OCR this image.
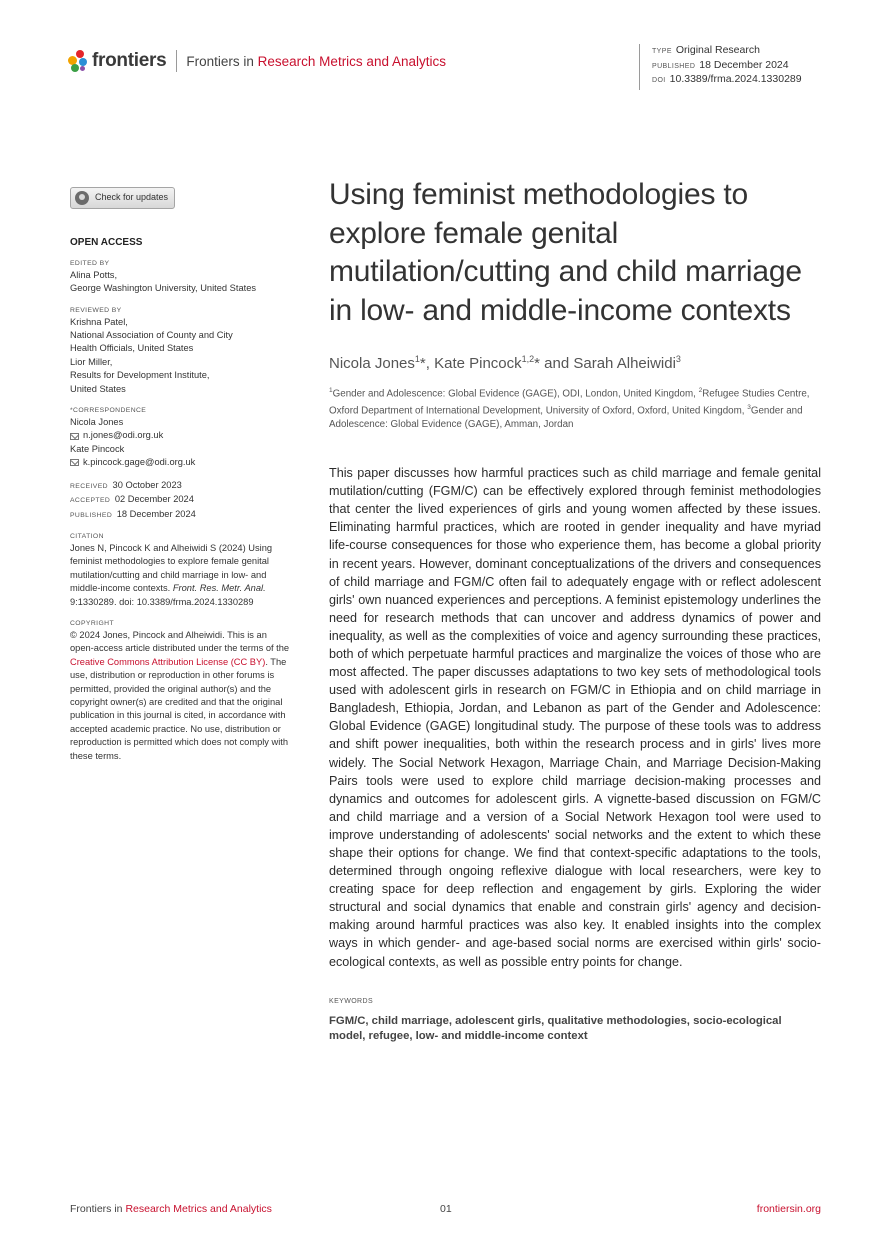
frontiers Frontiers in Research Metrics and Analytics
TYPE Original Research
PUBLISHED 18 December 2024
DOI 10.3389/frma.2024.1330289
Check for updates
OPEN ACCESS
EDITED BY
Alina Potts,
George Washington University, United States
REVIEWED BY
Krishna Patel,
National Association of County and City
Health Officials, United States
Lior Miller,
Results for Development Institute,
United States
*CORRESPONDENCE
Nicola Jones
n.jones@odi.org.uk
Kate Pincock
k.pincock.gage@odi.org.uk
RECEIVED 30 October 2023
ACCEPTED 02 December 2024
PUBLISHED 18 December 2024
CITATION
Jones N, Pincock K and Alheiwidi S (2024) Using feminist methodologies to explore female genital mutilation/cutting and child marriage in low- and middle-income contexts. Front. Res. Metr. Anal. 9:1330289. doi: 10.3389/frma.2024.1330289
COPYRIGHT
© 2024 Jones, Pincock and Alheiwidi. This is an open-access article distributed under the terms of the Creative Commons Attribution License (CC BY). The use, distribution or reproduction in other forums is permitted, provided the original author(s) and the copyright owner(s) are credited and that the original publication in this journal is cited, in accordance with accepted academic practice. No use, distribution or reproduction is permitted which does not comply with these terms.
Using feminist methodologies to explore female genital mutilation/cutting and child marriage in low- and middle-income contexts
Nicola Jones$^1$*, Kate Pincock$^{1,2}$* and Sarah Alheiwidi$^3$
$^1$Gender and Adolescence: Global Evidence (GAGE), ODI, London, United Kingdom, $^2$Refugee Studies Centre, Oxford Department of International Development, University of Oxford, Oxford, United Kingdom, $^3$Gender and Adolescence: Global Evidence (GAGE), Amman, Jordan

This paper discusses how harmful practices such as child marriage and female genital mutilation/cutting (FGM/C) can be effectively explored through feminist methodologies that center the lived experiences of girls and young women affected by these issues. Eliminating harmful practices, which are rooted in gender inequality and have myriad life-course consequences for those who experience them, has become a global priority in recent years. However, dominant conceptualizations of the drivers and consequences of child marriage and FGM/C often fail to adequately engage with or reflect adolescent girls' own nuanced experiences and perceptions. A feminist epistemology underlines the need for research methods that can uncover and address dynamics of power and inequality, as well as the complexities of voice and agency surrounding these practices, both of which perpetuate harmful practices and marginalize the voices of those who are most affected. The paper discusses adaptations to two key sets of methodological tools used with adolescent girls in research on FGM/C in Ethiopia and on child marriage in Bangladesh, Ethiopia, Jordan, and Lebanon as part of the Gender and Adolescence: Global Evidence (GAGE) longitudinal study. The purpose of these tools was to address and shift power inequalities, both within the research process and in girls' lives more widely. The Social Network Hexagon, Marriage Chain, and Marriage Decision-Making Pairs tools were used to explore child marriage decision-making processes and dynamics and outcomes for adolescent girls. A vignette-based discussion on FGM/C and child marriage and a version of a Social Network Hexagon tool were used to improve understanding of adolescents' social networks and the extent to which these shape their options for change. We find that context-specific adaptations to the tools, determined through ongoing reflexive dialogue with local researchers, were key to creating space for deep reflection and engagement by girls. Exploring the wider structural and social dynamics that enable and constrain girls' agency and decision-making around harmful practices was also key. It enabled insights into the complex ways in which gender- and age-based social norms are exercised within girls' socio-ecological contexts, as well as possible entry points for change.

KEYWORDS
FGM/C, child marriage, adolescent girls, qualitative methodologies, socio-ecological model, refugee, low- and middle-income context
Frontiers in Research Metrics and Analytics	01	frontiersin.org
